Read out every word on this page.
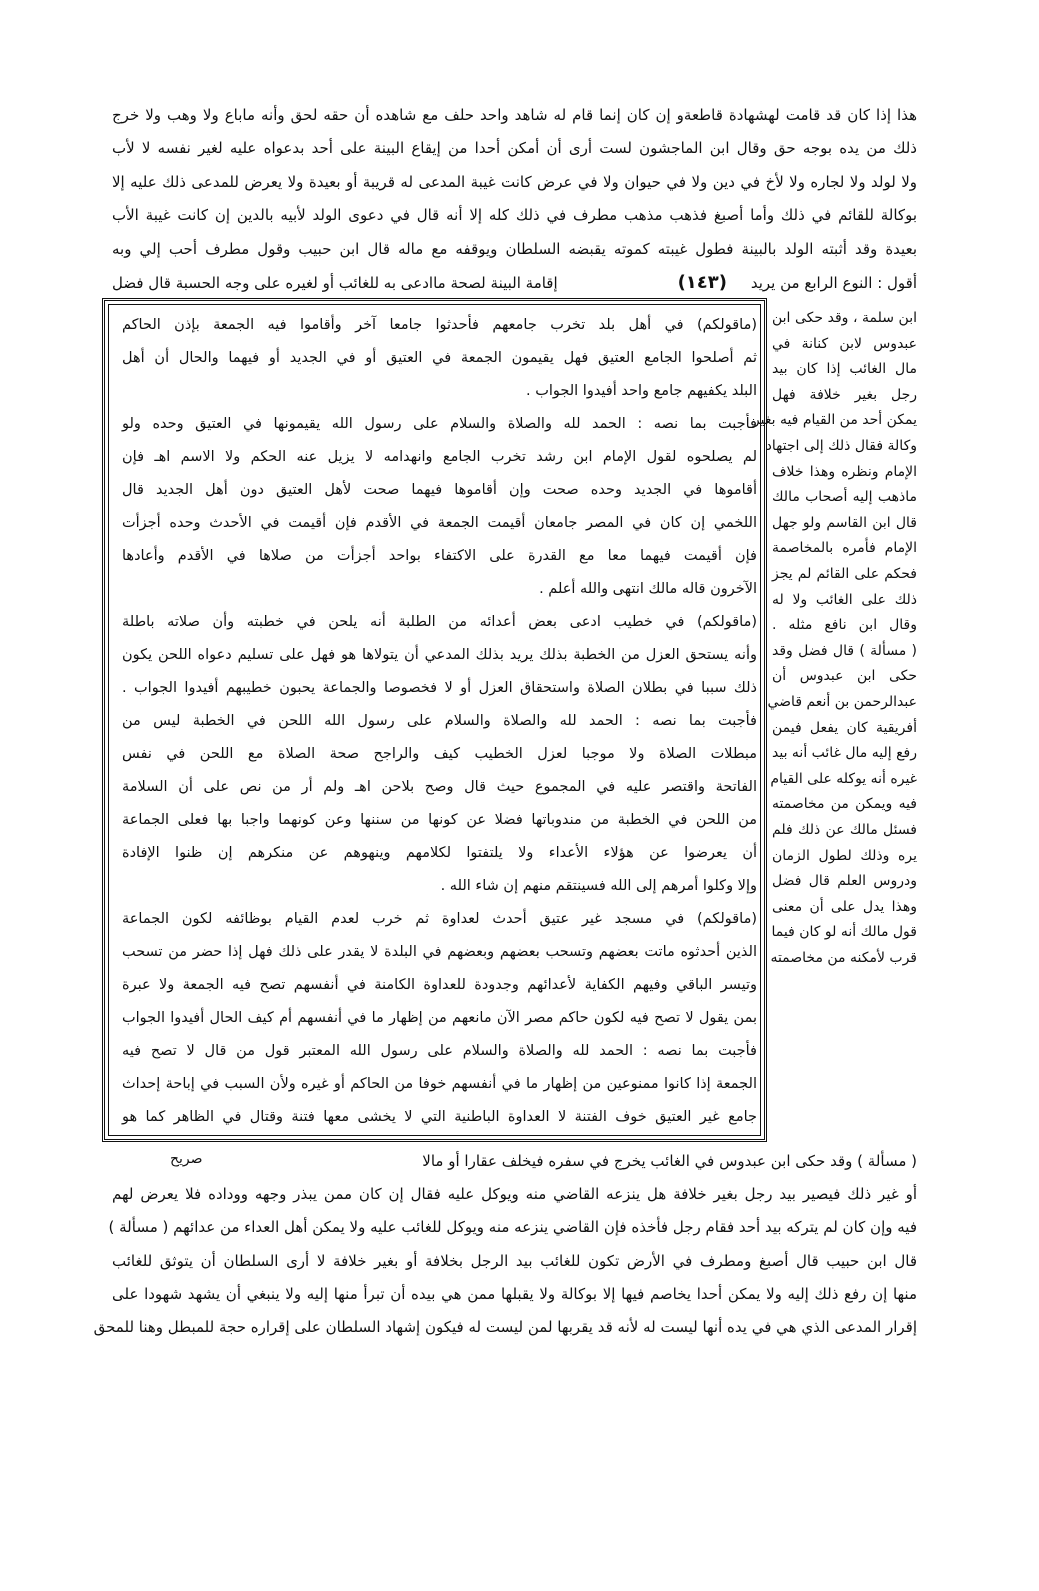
هذا إذا كان قد قامت لهشهادة قاطعةو إن كان إنما قام له شاهد واحد حلف مع شاهده أن حقه لحق وأنه ماباع ولا وهب ولا خرج
ذلك من يده بوجه حق وقال ابن الماجشون لست أرى أن أمكن أحدا من إيقاع البينة على أحد بدعواه عليه لغير نفسه لا لأب
ولا لولد ولا لجاره ولا لأخ في دين ولا في حيوان ولا في عرض كانت غيبة المدعى له قريبة أو بعيدة ولا يعرض للمدعى ذلك عليه إلا
بوكالة للقائم في ذلك وأما أصبغ فذهب مذهب مطرف في ذلك كله إلا أنه قال في دعوى الولد لأبيه بالدين إن كانت غيبة الأب
بعيدة وقد أثبته الولد بالبينة فطول غيبته كموته يقبضه السلطان ويوقفه مع ماله قال ابن حبيب وقول مطرف أحب إلي وبه
أقول : النوع الرابع من يريد
(١٤٣)
إقامة البينة لصحة ماادعى به للغائب أو لغيره على وجه الحسبة قال فضل
ابن سلمة ، وقد حكى ابن
عبدوس لابن كنانة في
مال الغائب إذا كان بيد
رجل بغير خلافة فهل
يمكن أحد من القيام فيه بغير
وكالة فقال ذلك إلى اجتهاد
الإمام ونظره وهذا خلاف
ماذهب إليه أصحاب مالك
قال ابن القاسم ولو جهل
الإمام فأمره بالمخاصمة
فحكم على القائم لم يجز
ذلك على الغائب ولا له
وقال ابن نافع مثله .
( مسألة ) قال فضل وقد
حكى ابن عبدوس أن
عبدالرحمن بن أنعم قاضي
أفريقية كان يفعل فيمن
رفع إليه مال غائب أنه بيد
غيره أنه يوكله على القيام
فيه ويمكن من مخاصمته
فسئل مالك عن ذلك فلم
يره وذلك لطول الزمان
ودروس العلم قال فضل
وهذا يدل على أن معنى
قول مالك أنه لو كان فيما
قرب لأمكنه من مخاصمته
(ماقولكم) في أهل بلد تخرب جامعهم فأحدثوا جامعا آخر وأقاموا فيه الجمعة بإذن الحاكم
ثم أصلحوا الجامع العتيق فهل يقيمون الجمعة في العتيق أو في الجديد أو فيهما والحال أن أهل
البلد يكفيهم جامع واحد أفيدوا الجواب .
فأجبت بما نصه : الحمد لله والصلاة والسلام على رسول الله يقيمونها في العتيق وحده ولو
لم يصلحوه لقول الإمام ابن رشد تخرب الجامع وانهدامه لا يزيل عنه الحكم ولا الاسم اهـ فإن
أقاموها في الجديد وحده صحت وإن أقاموها فيهما صحت لأهل العتيق دون أهل الجديد قال
اللخمي إن كان في المصر جامعان أقيمت الجمعة في الأقدم فإن أقيمت في الأحدث وحده أجزأت
فإن أقيمت فيهما معا مع القدرة على الاكتفاء بواحد أجزأت من صلاها في الأقدم وأعادها
الآخرون قاله مالك انتهى والله أعلم .
(ماقولكم) في خطيب ادعى بعض أعدائه من الطلبة أنه يلحن في خطبته وأن صلاته باطلة
وأنه يستحق العزل من الخطبة بذلك يريد بذلك المدعي أن يتولاها هو فهل على تسليم دعواه اللحن يكون
ذلك سببا في بطلان الصلاة واستحقاق العزل أو لا فخصوصا والجماعة يحبون خطيبهم أفيدوا الجواب .
فأجبت بما نصه : الحمد لله والصلاة والسلام على رسول الله اللحن في الخطبة ليس من
مبطلات الصلاة ولا موجبا لعزل الخطيب كيف والراجح صحة الصلاة مع اللحن في نفس
الفاتحة واقتصر عليه في المجموع حيث قال وصح بلاحن اهـ ولم أر من نص على أن السلامة
من اللحن في الخطبة من مندوباتها فضلا عن كونها من سننها وعن كونهما واجبا بها فعلى الجماعة
أن يعرضوا عن هؤلاء الأعداء ولا يلتفتوا لكلامهم وينهوهم عن منكرهم إن ظنوا الإفادة
وإلا وكلوا أمرهم إلى الله فسينتقم منهم إن شاء الله .
(ماقولكم) في مسجد غير عتيق أحدث لعداوة ثم خرب لعدم القيام بوظائفه لكون الجماعة
الذين أحدثوه ماتت بعضهم وتسحب بعضهم وبعضهم في البلدة لا يقدر على ذلك فهل إذا حضر من تسحب
وتيسر الباقي وفيهم الكفاية لأعدائهم وجدودة للعداوة الكامنة في أنفسهم تصح فيه الجمعة ولا عبرة
بمن يقول لا تصح فيه لكون حاكم مصر الآن مانعهم من إظهار ما في أنفسهم أم كيف الحال أفيدوا الجواب
فأجبت بما نصه : الحمد لله والصلاة والسلام على رسول الله المعتبر قول من قال لا تصح فيه
الجمعة إذا كانوا ممنوعين من إظهار ما في أنفسهم خوفا من الحاكم أو غيره ولأن السبب في إباحة إحداث
جامع غير العتيق خوف الفتنة لا العداوة الباطنية التي لا يخشى معها فتنة وقتال في الظاهر كما هو
( مسألة ) وقد حكى ابن عبدوس في الغائب يخرج في سفره فيخلف عقارا أو مالا
صريح
أو غير ذلك فيصير بيد رجل بغير خلافة هل ينزعه القاضي منه ويوكل عليه فقال إن كان ممن يبذر وجهه ووداده فلا يعرض لهم
فيه وإن كان لم يتركه بيد أحد فقام رجل فأخذه فإن القاضي ينزعه منه ويوكل للغائب عليه ولا يمكن أهل العداء من عدائهم ( مسألة )
قال ابن حبيب قال أصبغ ومطرف في الأرض تكون للغائب بيد الرجل بخلافة أو بغير خلافة لا أرى السلطان أن يتوثق للغائب
منها إن رفع ذلك إليه ولا يمكن أحدا يخاصم فيها إلا بوكالة ولا يقبلها ممن هي بيده أن تبرأ منها إليه ولا ينبغي أن يشهد شهودا على
إقرار المدعى الذي هي في يده أنها ليست له لأنه قد يقربها لمن ليست له فيكون إشهاد السلطان على إقراره حجة للمبطل وهنا للمحق
